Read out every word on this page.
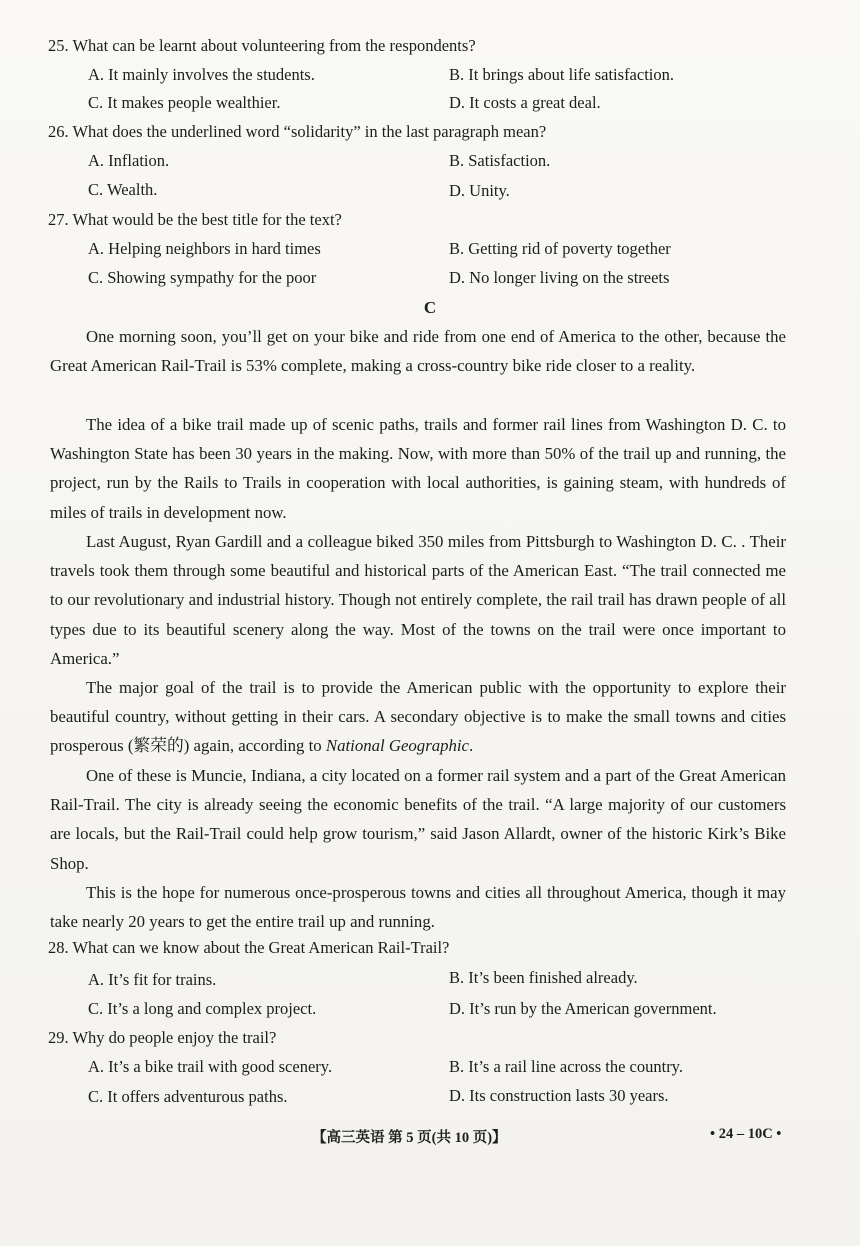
25. What can be learnt about volunteering from the respondents?
A. It mainly involves the students.	B. It brings about life satisfaction.
C. It makes people wealthier.	D. It costs a great deal.
26. What does the underlined word “solidarity” in the last paragraph mean?
A. Inflation.	B. Satisfaction.
C. Wealth.	D. Unity.
27. What would be the best title for the text?
A. Helping neighbors in hard times	B. Getting rid of poverty together
C. Showing sympathy for the poor	D. No longer living on the streets
C
One morning soon, you’ll get on your bike and ride from one end of America to the other, because the Great American Rail-Trail is 53% complete, making a cross-country bike ride closer to a reality.
The idea of a bike trail made up of scenic paths, trails and former rail lines from Washington D. C. to Washington State has been 30 years in the making. Now, with more than 50% of the trail up and running, the project, run by the Rails to Trails in cooperation with local authorities, is gaining steam, with hundreds of miles of trails in development now.
Last August, Ryan Gardill and a colleague biked 350 miles from Pittsburgh to Washington D. C. . Their travels took them through some beautiful and historical parts of the American East. “The trail connected me to our revolutionary and industrial history. Though not entirely complete, the rail trail has drawn people of all types due to its beautiful scenery along the way. Most of the towns on the trail were once important to America.”
The major goal of the trail is to provide the American public with the opportunity to explore their beautiful country, without getting in their cars. A secondary objective is to make the small towns and cities prosperous (繁荣的) again, according to National Geographic.
One of these is Muncie, Indiana, a city located on a former rail system and a part of the Great American Rail-Trail. The city is already seeing the economic benefits of the trail. “A large majority of our customers are locals, but the Rail-Trail could help grow tourism,” said Jason Allardt, owner of the historic Kirk’s Bike Shop.
This is the hope for numerous once-prosperous towns and cities all throughout America, though it may take nearly 20 years to get the entire trail up and running.
28. What can we know about the Great American Rail-Trail?
A. It’s fit for trains.	B. It’s been finished already.
C. It’s a long and complex project.	D. It’s run by the American government.
29. Why do people enjoy the trail?
A. It’s a bike trail with good scenery.	B. It’s a rail line across the country.
C. It offers adventurous paths.	D. Its construction lasts 30 years.
【高三英语 第 5 页(共 10 页)】	• 24 – 10C •
